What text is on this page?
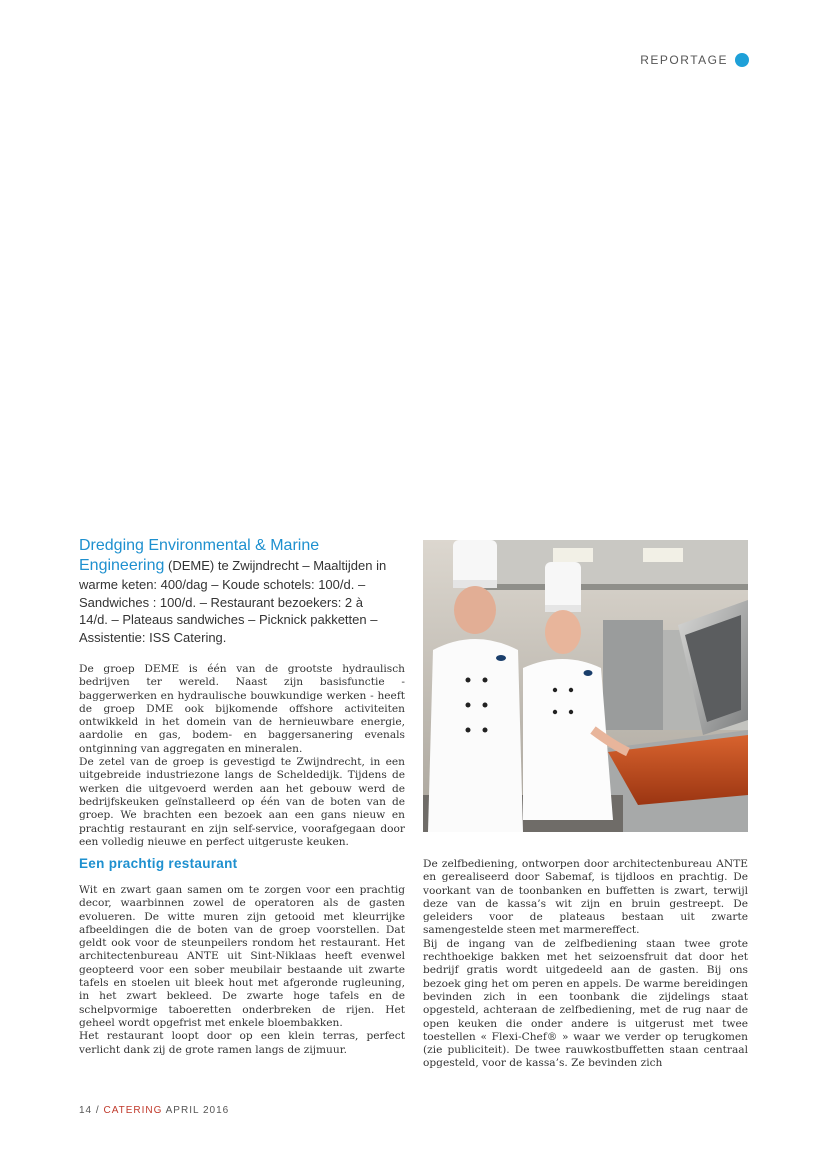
REPORTAGE
Dredging Environmental & Marine Engineering (DEME) te Zwijndrecht – Maaltijden in warme keten: 400/dag – Koude schotels: 100/d. – Sandwiches : 100/d. – Restaurant bezoekers: 2 à 14/d. – Plateaus sandwiches – Picknick pakketten – Assistentie: ISS Catering.

De groep DEME is één van de grootste hydraulisch bedrijven ter wereld. Naast zijn basisfunctie - baggerwerken en hydraulische bouwkundige werken - heeft de groep DME ook bijkomende offshore activiteiten ontwikkeld in het domein van de hernieuwbare energie, aardolie en gas, bodem- en baggersanering evenals ontginning van aggregaten en mineralen.

De zetel van de groep is gevestigd te Zwijndrecht, in een uitgebreide industriezone langs de Scheldedijk. Tijdens de werken die uitgevoerd werden aan het gebouw werd de bedrijfskeuken geïnstalleerd op één van de boten van de groep. We brachten een bezoek aan een gans nieuw en prachtig restaurant en zijn self-service, voorafgegaan door een volledig nieuwe en perfect uitgeruste keuken.

Een prachtig restaurant

Wit en zwart gaan samen om te zorgen voor een prachtig decor, waarbinnen zowel de operatoren als de gasten evolueren. De witte muren zijn getooid met kleurrijke afbeeldingen die de boten van de groep voorstellen. Dat geldt ook voor de steunpeilers rondom het restaurant. Het architectenbureau ANTE uit Sint-Niklaas heeft evenwel geopteerd voor een sober meubilair bestaande uit zwarte tafels en stoelen uit bleek hout met afgeronde rugleuning, in het zwart bekleed. De zwarte hoge tafels en de schelpvormige taboeretten onderbreken de rijen. Het geheel wordt opgefrist met enkele bloembakken.

Het restaurant loopt door op een klein terras, perfect verlicht dank zij de grote ramen langs de zijmuur.

De zelfbediening, ontworpen door architectenbureau ANTE en gerealiseerd door Sabemaf, is tijdloos en prachtig. De voorkant van de toonbanken en buffetten is zwart, terwijl deze van de kassa’s wit zijn en bruin gestreept. De geleiders voor de plateaus bestaan uit zwarte samengestelde steen met marmereffect.

Bij de ingang van de zelfbediening staan twee grote rechthoekige bakken met het seizoensfruit dat door het bedrijf gratis wordt uitgedeeld aan de gasten. Bij ons bezoek ging het om peren en appels. De warme bereidingen bevinden zich in een toonbank die zijdelings staat opgesteld, achteraan de zelfbediening, met de rug naar de open keuken die onder andere is uitgerust met twee toestellen « Flexi-Chef® » waar we verder op terugkomen (zie publiciteit). De twee rauwkostbuffetten staan centraal opgesteld, voor de kassa’s. Ze bevinden zich

14 / CATERING APRIL 2016
